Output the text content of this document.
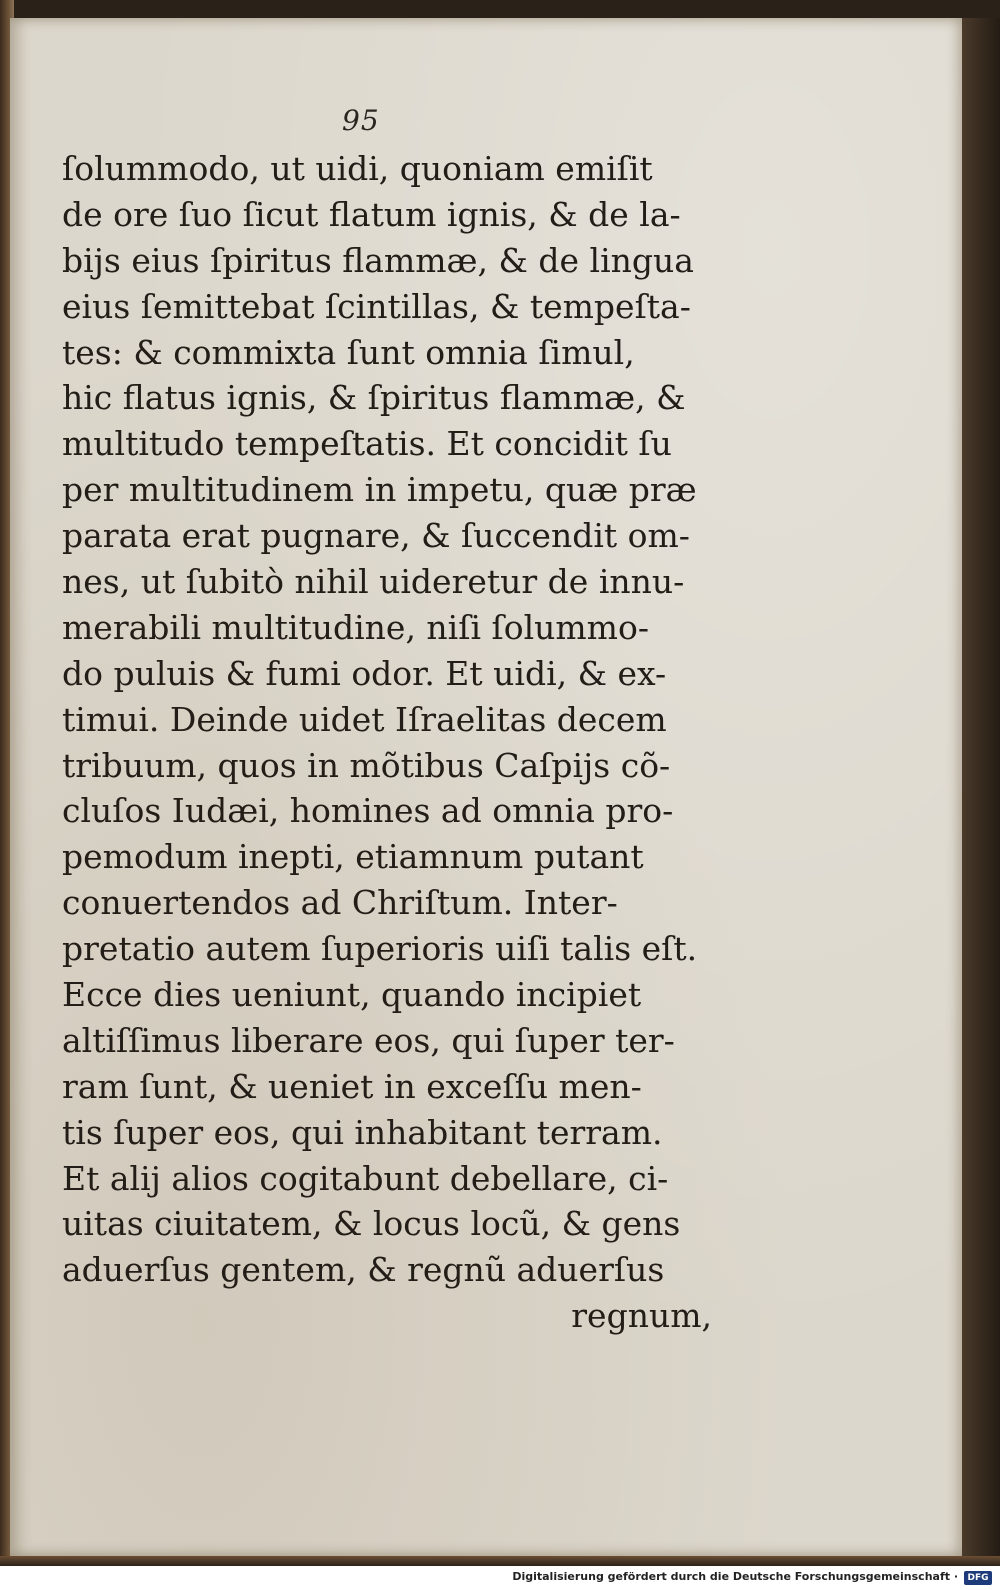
95
ſolummodo, ut uidi, quoniam emiſit
de ore ſuo ſicut flatum ignis, & de la-
bijs eius ſpiritus flammæ, & de lingua
eius ſemittebat ſcintillas, & tempeſta-
tes: & commixta ſunt omnia ſimul,
hic flatus ignis, & ſpiritus flammæ, &
multitudo tempeſtatis. Et concidit ſu
per multitudinem in impetu, quæ præ
parata erat pugnare, & ſuccendit om-
nes, ut ſubitò nihil uideretur de innu-
merabili multitudine, niſi ſolummo-
do puluis & fumi odor. Et uidi, & ex-
timui. Deinde uidet Iſraelitas decem
tribuum, quos in mõtibus Caſpijs cõ-
cluſos Iudæi, homines ad omnia pro-
pemodum inepti, etiamnum putant
conuertendos ad Chriſtum. Inter-
pretatio autem ſuperioris uiſi talis eſt.
Ecce dies ueniunt, quando incipiet
altiſſimus liberare eos, qui ſuper ter-
ram ſunt, & ueniet in exceſſu men-
tis ſuper eos, qui inhabitant terram.
Et alij alios cogitabunt debellare, ci-
uitas ciuitatem, & locus locũ, & gens
aduerſus gentem, & regnũ aduerſus
regnum,
Digitalisierung gefördert durch die Deutsche Forschungsgemeinschaft ·	DFG
